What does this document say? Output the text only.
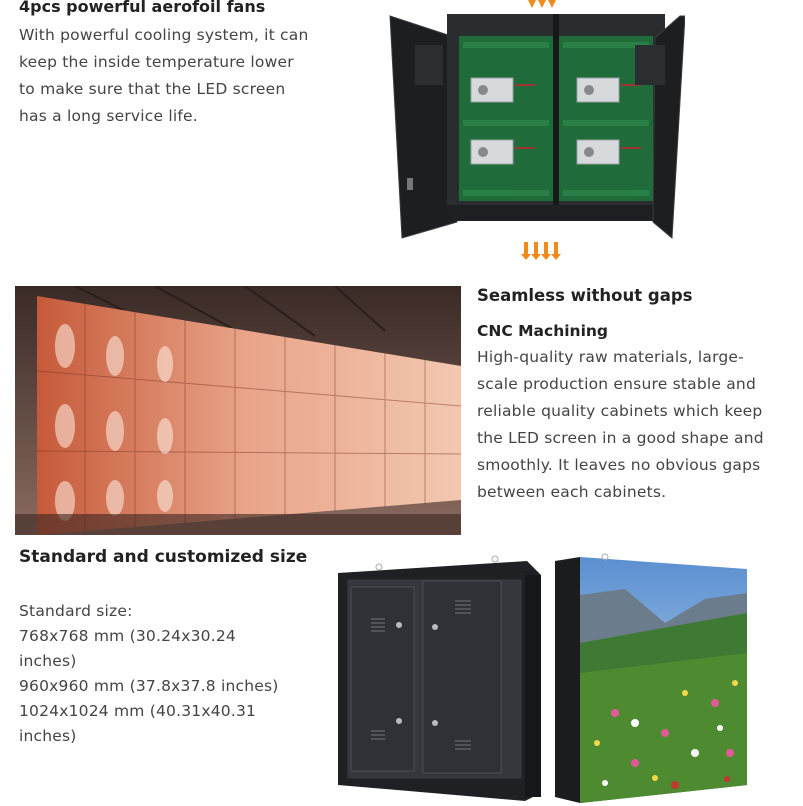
4pcs powerful aerofoil fans
With powerful cooling system, it can keep the inside temperature lower to make sure that the LED screen has a long service life.
Seamless without gaps
CNC Machining
High-quality raw materials, large-scale production ensure stable and reliable quality cabinets which keep the LED screen in a good shape and smoothly. It leaves no obvious gaps between each cabinets.
Standard and customized size
Standard size:
768x768 mm (30.24x30.24
inches)
960x960 mm (37.8x37.8 inches)
1024x1024 mm (40.31x40.31
inches)
